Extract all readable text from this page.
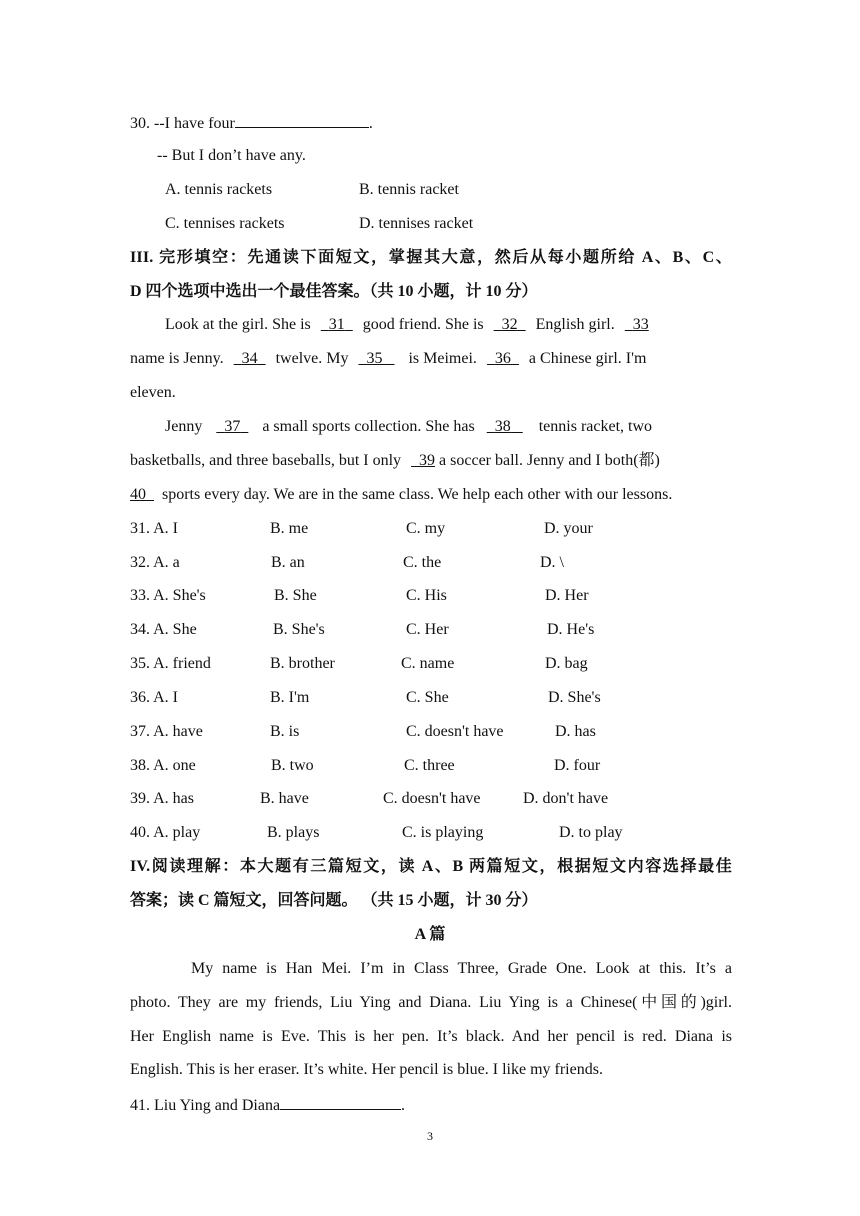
30. --I have four	.
-- But I don’t have any.
A. tennis rackets	B. tennis racket
C. tennises rackets	D. tennises racket
III. 完形填空：先通读下面短文，掌握其大意，然后从每小题所给 A、B、C、
D 四个选项中选出一个最佳答案。（共 10 小题，计 10 分）
Look at the girl. She is 31 good friend. She is 32 English girl. 33
name is Jenny. 34 twelve. My 35 is Meimei. 36 a Chinese girl. I'm
eleven.
Jenny 37 a small sports collection. She has 38 tennis racket, two
basketballs, and three baseballs, but I only 39 a soccer ball. Jenny and I both(都)
40 sports every day. We are in the same class. We help each other with our lessons.
31. A. I	B. me	C. my	D. your
32. A. a	B. an	C. the	D. \
33. A. She's	B. She	C. His	D. Her
34. A. She	B. She's	C. Her	D. He's
35. A. friend	B. brother	C. name	D. bag
36. A. I	B. I'm	C. She	D. She's
37. A. have	B. is	C. doesn't have	D. has
38. A. one	B. two	C. three	D. four
39. A. has	B. have	C. doesn't have	D. don't have
40. A. play	B. plays	C. is playing	D. to play
IV.阅读理解：本大题有三篇短文，读 A、B 两篇短文，根据短文内容选择最佳
答案；读 C 篇短文，回答问题。 （共 15 小题，计 30 分）
A 篇
My name is Han Mei. I’m in Class Three, Grade One. Look at this. It’s a
photo. They are my friends, Liu Ying and Diana. Liu Ying is a Chinese(中国的)girl.
Her English name is Eve. This is her pen. It’s black. And her pencil is red. Diana is
English. This is her eraser. It’s white. Her pencil is blue. I like my friends.
41. Liu Ying and Diana	.
3
